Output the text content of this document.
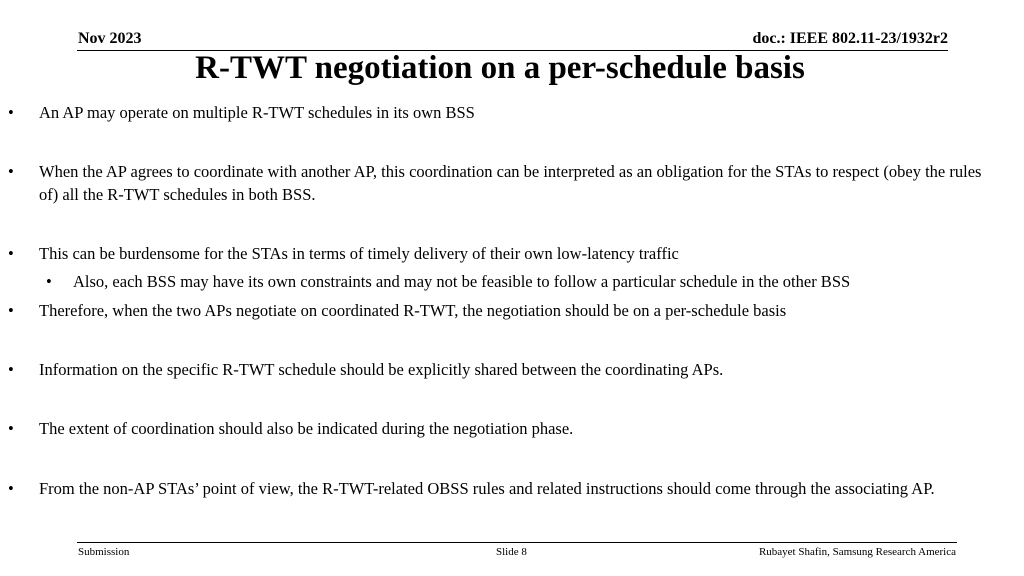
Nov 2023	doc.: IEEE 802.11-23/1932r2
R-TWT negotiation on a per-schedule basis
•	An AP may operate on multiple R-TWT schedules in its own BSS
•	When the AP agrees to coordinate with another AP, this coordination can be interpreted as an obligation for the STAs to respect (obey the rules of) all the R-TWT schedules in both BSS.
•	This can be burdensome for the STAs in terms of timely delivery of their own low-latency traffic
•	Also, each BSS may have its own constraints and may not be feasible to follow a particular schedule in the other BSS
•	Therefore, when the two APs negotiate on coordinated R-TWT, the negotiation should be on a per-schedule basis
•	Information on the specific R-TWT schedule should be explicitly shared between the coordinating APs.
•	The extent of coordination should also be indicated during the negotiation phase.
•	From the non-AP STAs’ point of view, the R-TWT-related OBSS rules and related instructions should come through the associating AP.
Submission	Slide 8	Rubayet Shafin, Samsung Research America
